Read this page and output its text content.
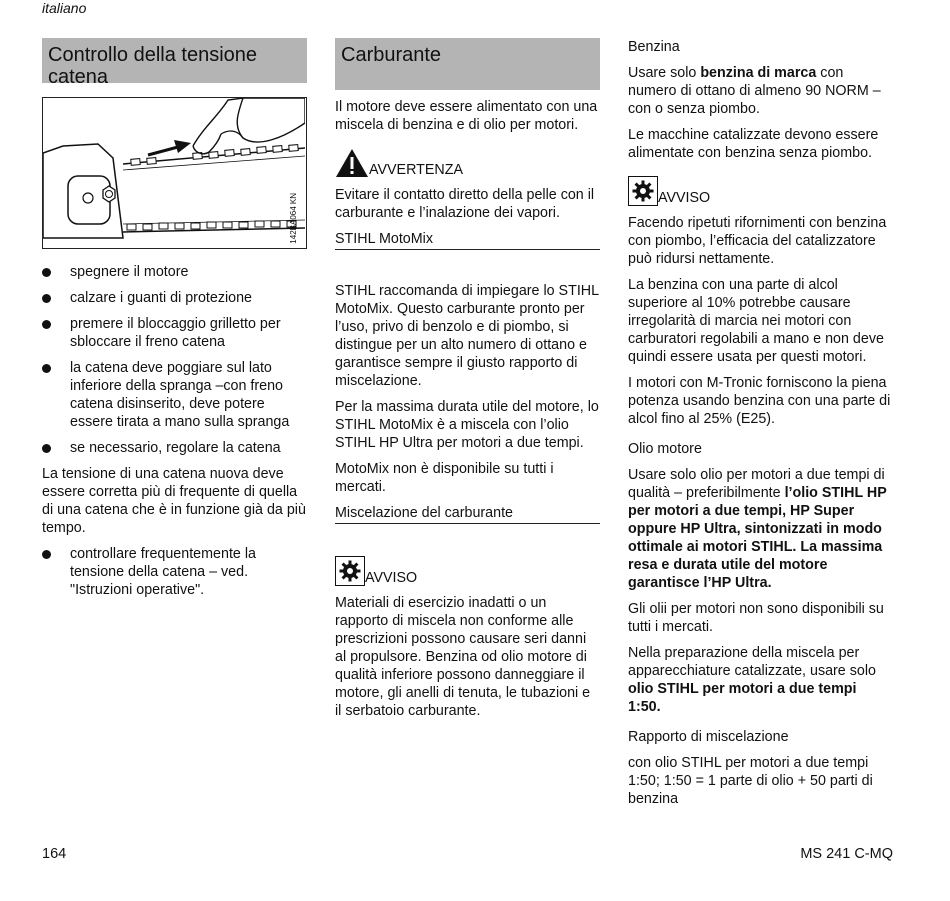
italiano
Controllo della tensione catena
142BA064 KN
spegnere il motore
calzare i guanti di protezione
premere il bloccaggio grilletto per sbloccare il freno catena
la catena deve poggiare sul lato inferiore della spranga –con freno catena disinserito, deve potere essere tirata a mano sulla spranga
se necessario, regolare la catena

La tensione di una catena nuova deve essere corretta più di frequente di quella di una catena che è in funzione già da più tempo.

controllare frequentemente la tensione della catena – ved. "Istruzioni operative".
Carburante

Il motore deve essere alimentato con una miscela di benzina e di olio per motori.

AVVERTENZA

Evitare il contatto diretto della pelle con il carburante e l’inalazione dei vapori.

STIHL MotoMix

STIHL raccomanda di impiegare lo STIHL MotoMix. Questo carburante pronto per l’uso, privo di benzolo e di piombo, si distingue per un alto numero di ottano e garantisce sempre il giusto rapporto di miscelazione.

Per la massima durata utile del motore, lo STIHL MotoMix è a miscela con l’olio STIHL HP Ultra per motori a due tempi.

MotoMix non è disponibile su tutti i mercati.

Miscelazione del carburante
AVVISO

Materiali di esercizio inadatti o un rapporto di miscela non conforme alle prescrizioni possono causare seri danni al propulsore. Benzina od olio motore di qualità inferiore possono danneggiare il motore, gli anelli di tenuta, le tubazioni e il serbatoio carburante.

Benzina

Usare solo benzina di marca con numero di ottano di almeno 90 NORM – con o senza piombo.

Le macchine catalizzate devono essere alimentate con benzina senza piombo.

AVVISO

Facendo ripetuti rifornimenti con benzina con piombo, l’efficacia del catalizzatore può ridursi nettamente.

La benzina con una parte di alcol superiore al 10% potrebbe causare irregolarità di marcia nei motori con carburatori regolabili a mano e non deve quindi essere usata per questi motori.

I motori con M-Tronic forniscono la piena potenza usando benzina con una parte di alcol fino al 25% (E25).

Olio motore

Usare solo olio per motori a due tempi di qualità – preferibilmente l’olio STIHL HP per motori a due tempi, HP Super oppure HP Ultra, sintonizzati in modo ottimale ai motori STIHL. La massima resa e durata utile del motore garantisce l’HP Ultra.

Gli olii per motori non sono disponibili su tutti i mercati.

Nella preparazione della miscela per apparecchiature catalizzate, usare solo olio STIHL per motori a due tempi 1:50.

Rapporto di miscelazione

con olio STIHL per motori a due tempi 1:50; 1:50 = 1 parte di olio + 50 parti di benzina

164	MS 241 C-MQ
